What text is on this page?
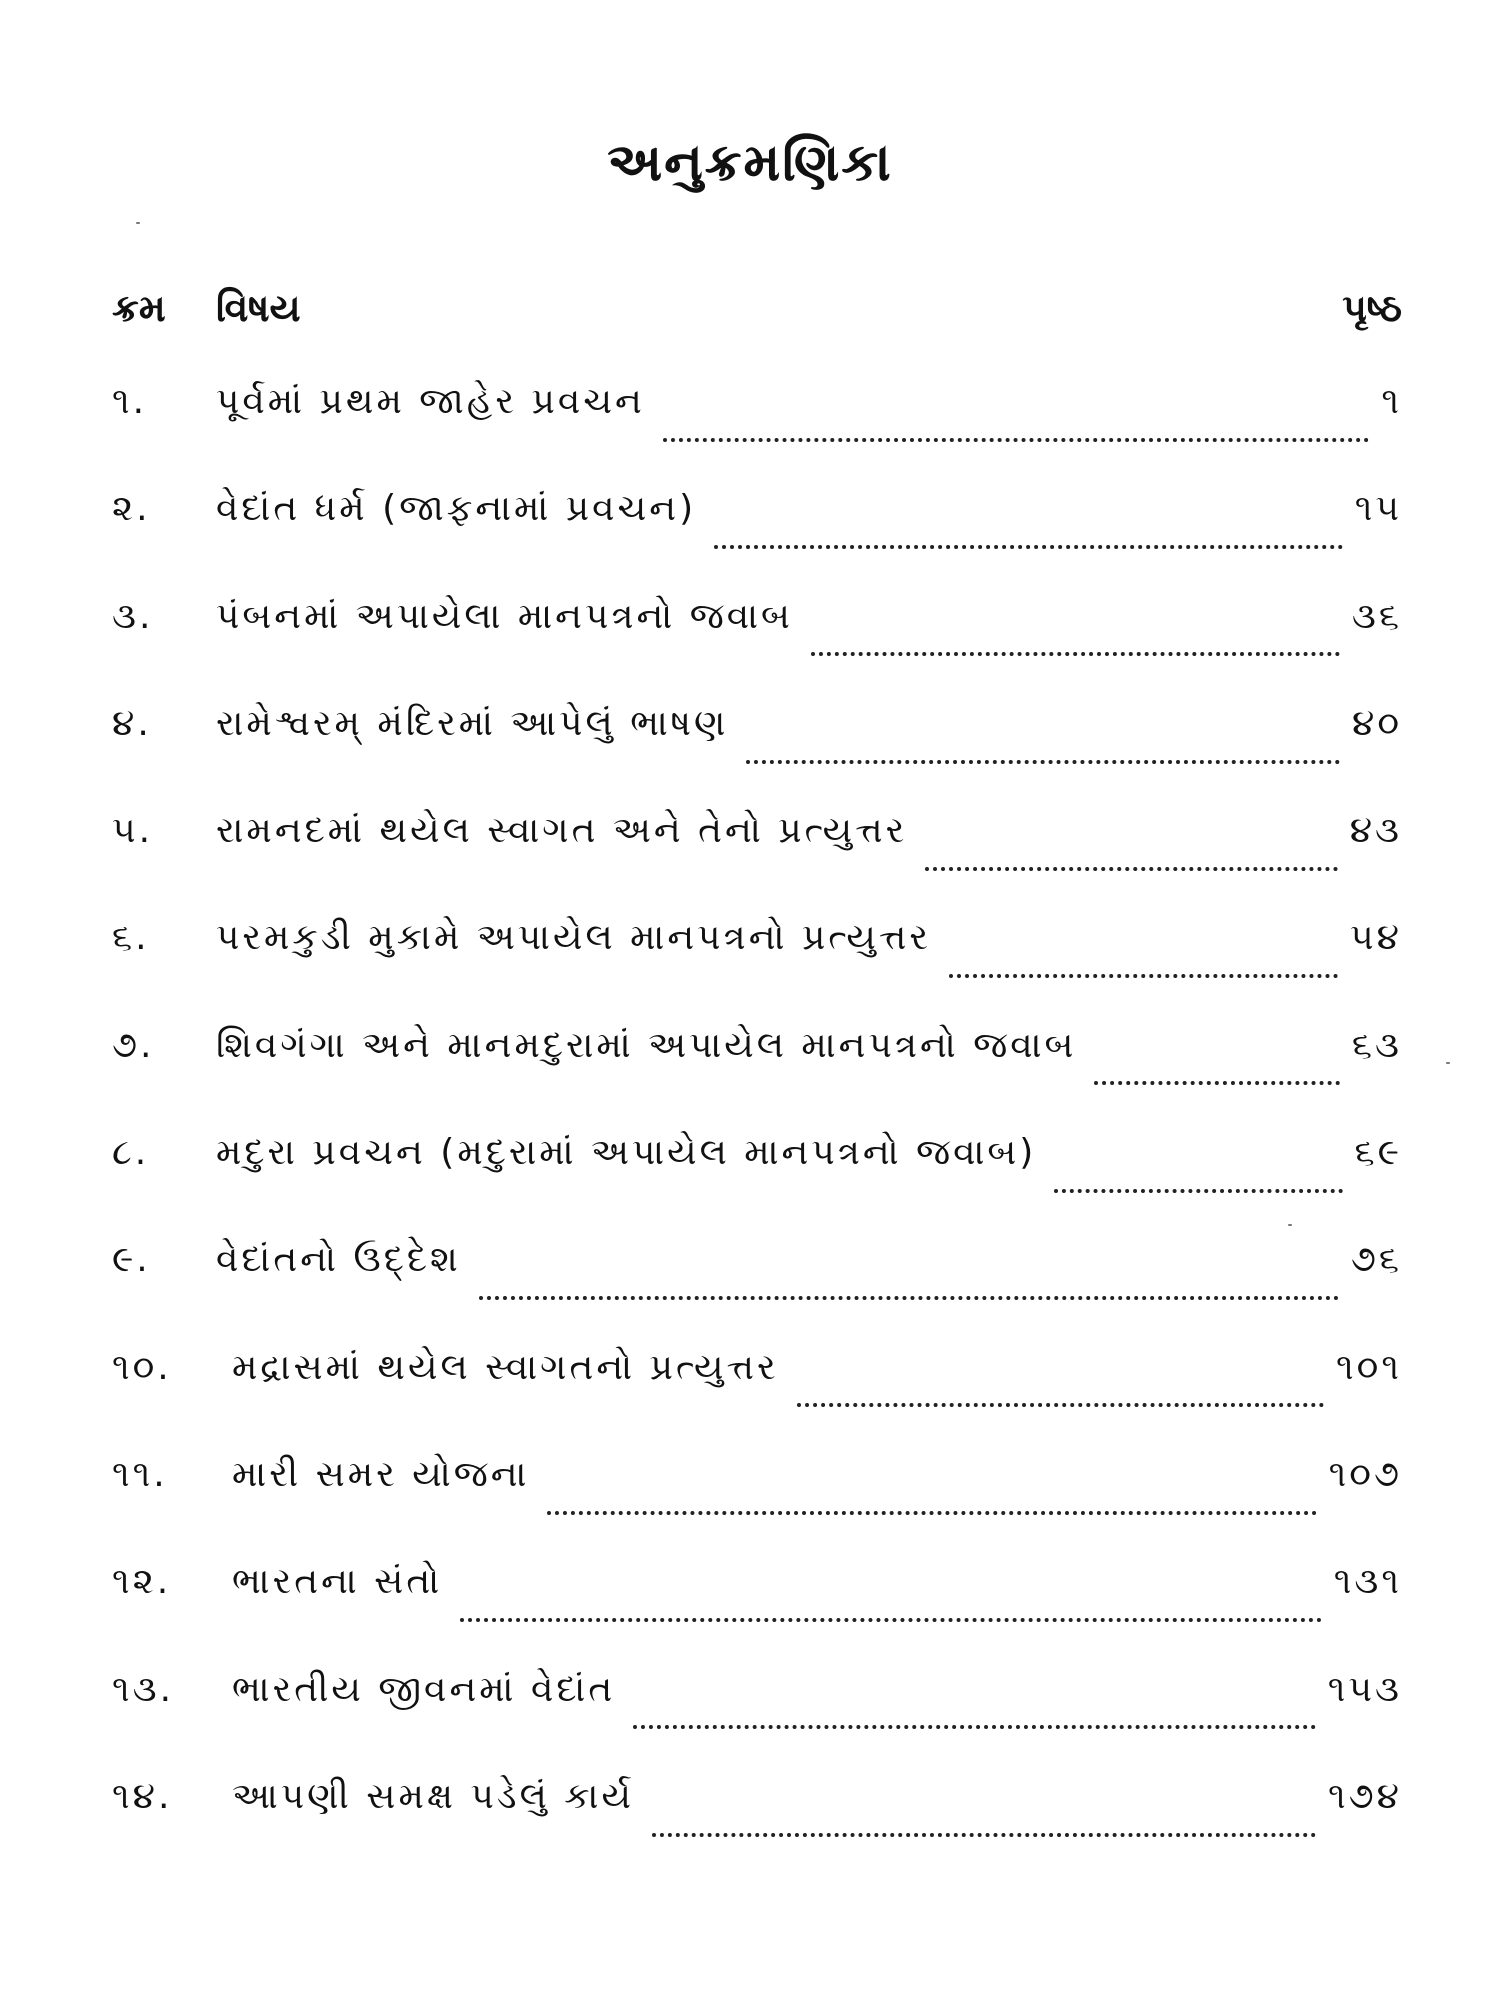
અનુક્રમણિકા
ક્રમ વિષય	પૃષ્ઠ
૧.	પૂર્વમાં પ્રથમ જાહેર પ્રવચન	૧
૨.	વેદાંત ધર્મ (જાફનામાં પ્રવચન)	૧૫
૩.	પંબનમાં અપાયેલા માનપત્રનો જવાબ	૩૬
૪.	રામેશ્વરમ્ મંદિરમાં આપેલું ભાષણ	૪૦
૫.	રામનદમાં થયેલ સ્વાગત અને તેનો પ્રત્યુત્તર	૪૩
૬.	પરમકુડી મુકામે અપાયેલ માનપત્રનો પ્રત્યુત્તર	૫૪
૭.	શિવગંગા અને માનમદુરામાં અપાયેલ માનપત્રનો જવાબ	૬૩
૮.	મદુરા પ્રવચન (મદુરામાં અપાયેલ માનપત્રનો જવાબ)	૬૯
૯.	વેદાંતનો ઉદ્દેશ	૭૬
૧૦.	મદ્રાસમાં થયેલ સ્વાગતનો પ્રત્યુત્તર	૧૦૧
૧૧.	મારી સમર યોજના	૧૦૭
૧૨.	ભારતના સંતો	૧૩૧
૧૩.	ભારતીય જીવનમાં વેદાંત	૧૫૩
૧૪.	આપણી સમક્ષ પડેલું કાર્ય	૧૭૪
